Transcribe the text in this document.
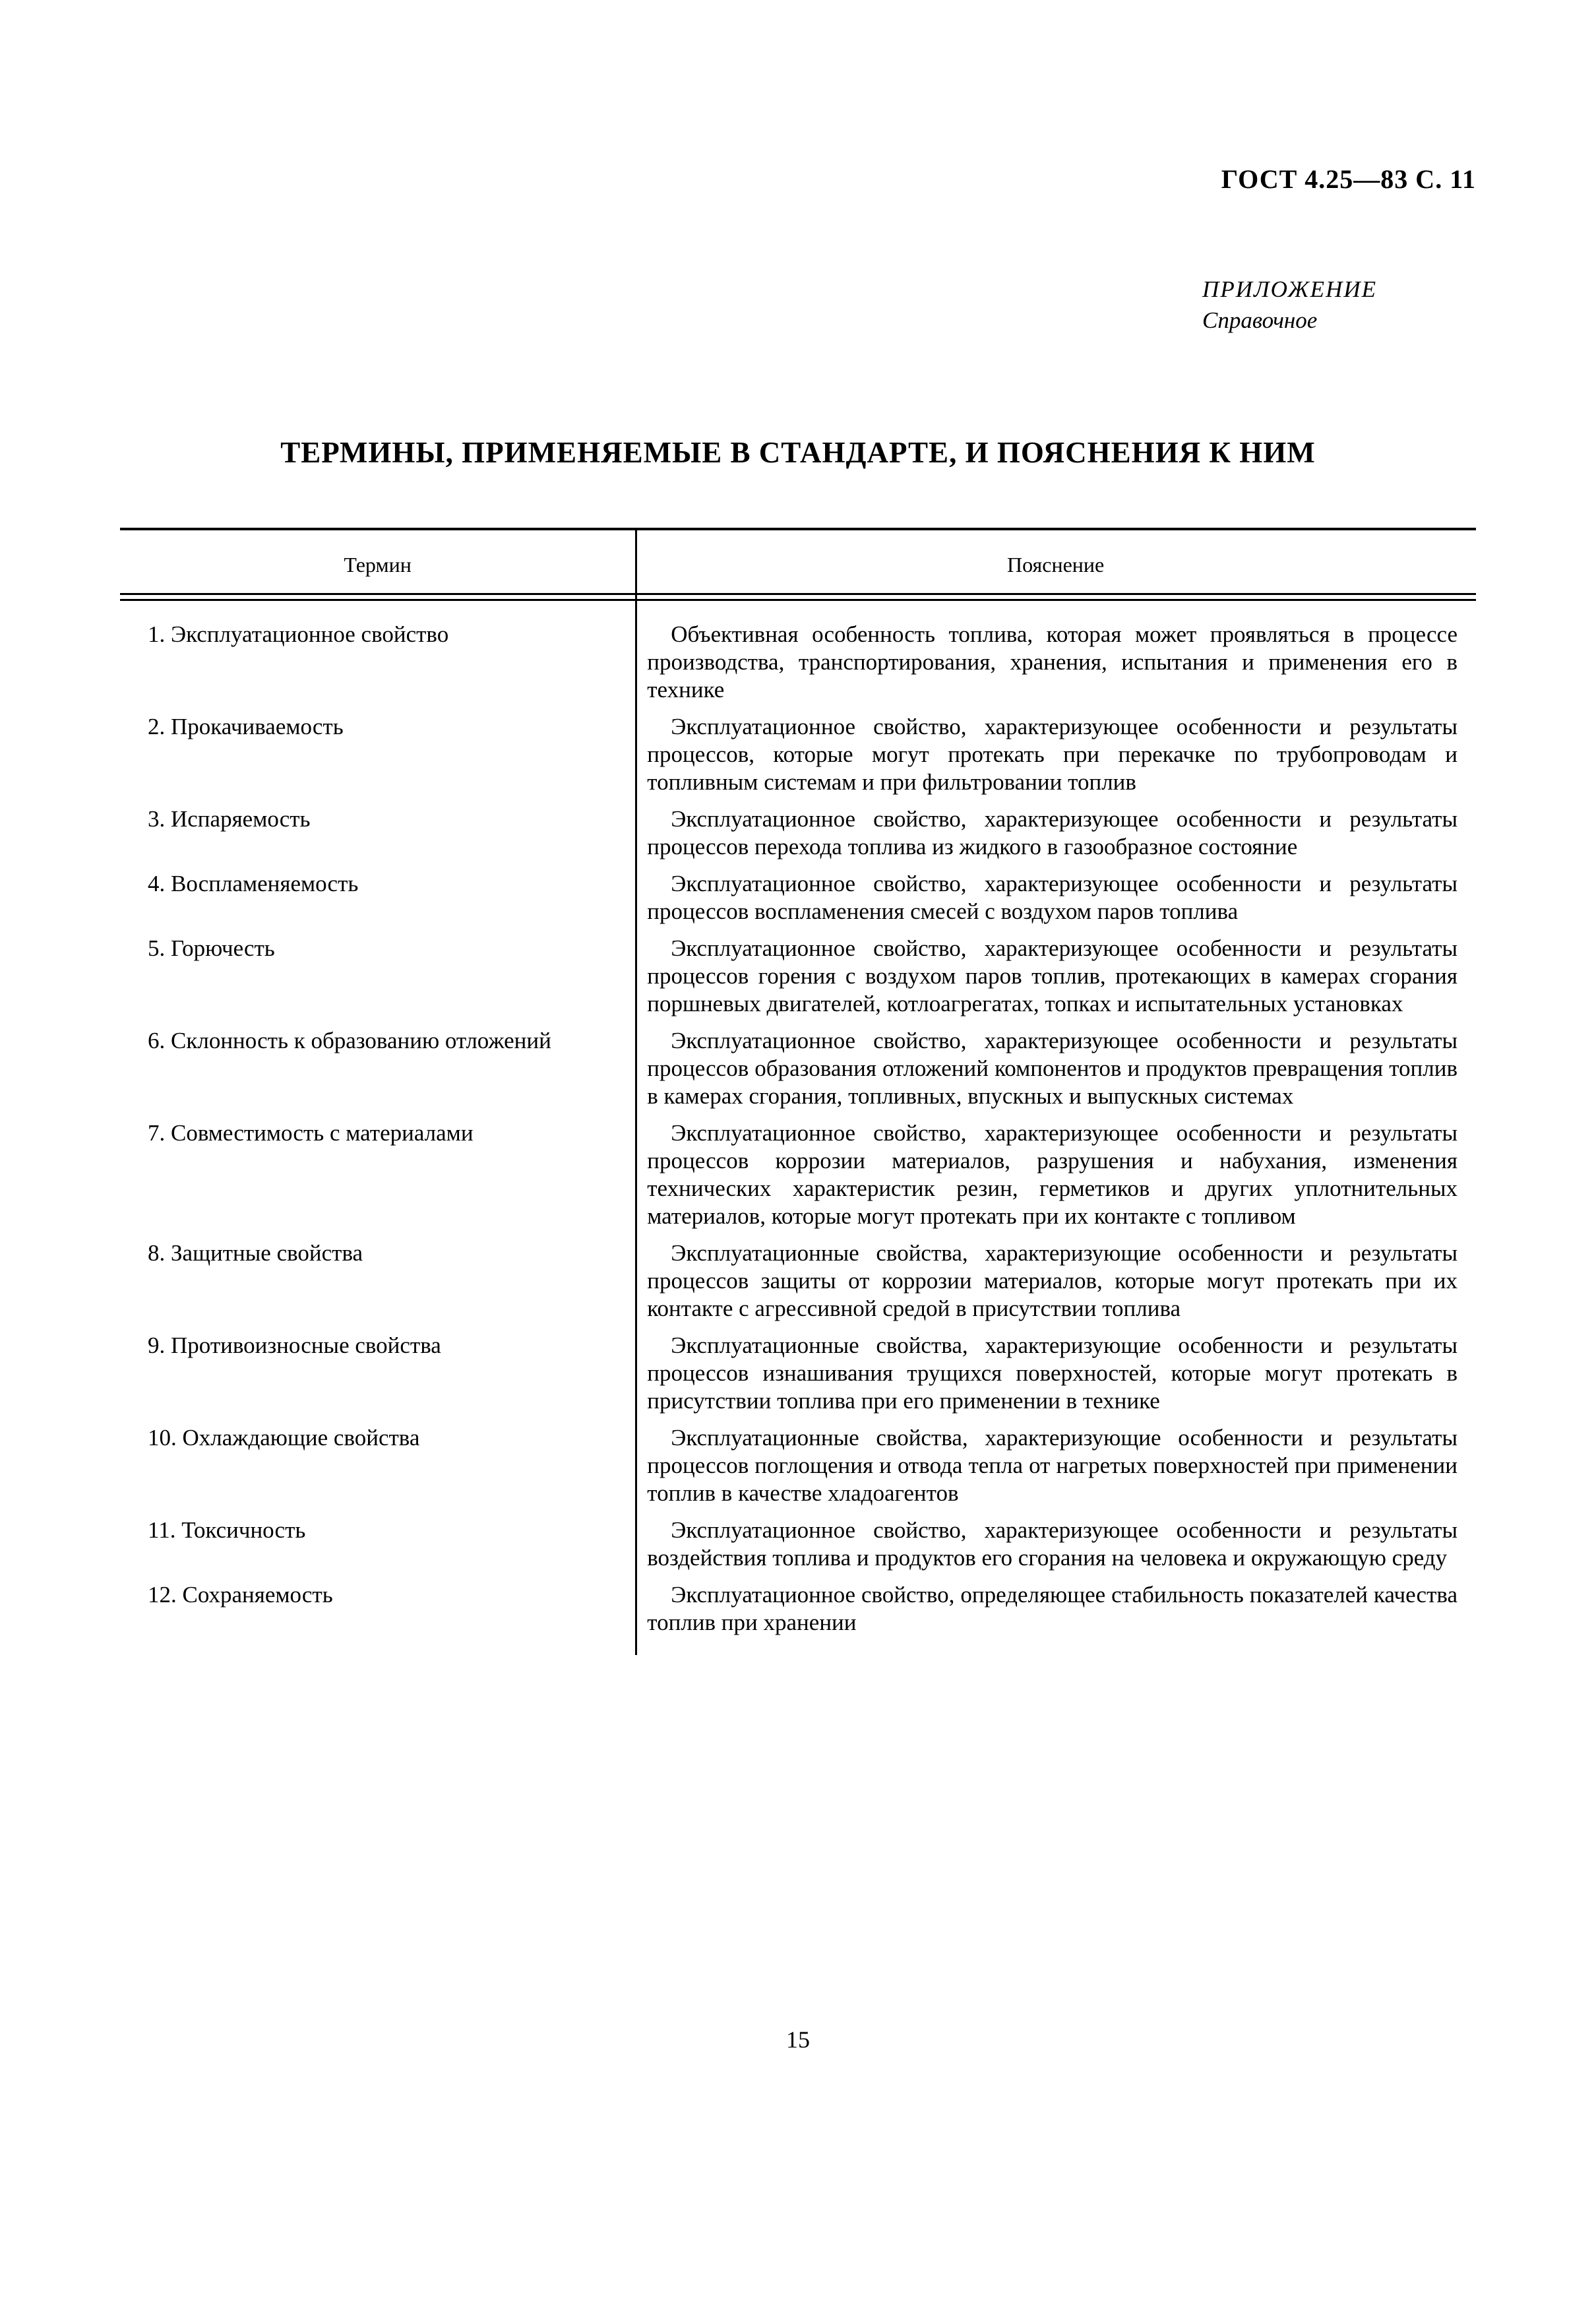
ГОСТ 4.25—83 С. 11
ПРИЛОЖЕНИЕ
Справочное
ТЕРМИНЫ, ПРИМЕНЯЕМЫЕ В СТАНДАРТЕ, И ПОЯСНЕНИЯ К НИМ
Термин	Пояснение
1. Эксплуатационное свойство	Объективная особенность топлива, которая может проявляться в процессе производства, транспортирования, хранения, испытания и применения его в технике
2. Прокачиваемость	Эксплуатационное свойство, характеризующее особенности и результаты процессов, которые могут протекать при перекачке по трубопроводам и топливным системам и при фильтровании топлив
3. Испаряемость	Эксплуатационное свойство, характеризующее особенности и результаты процессов перехода топлива из жидкого в газообразное состояние
4. Воспламеняемость	Эксплуатационное свойство, характеризующее особенности и результаты процессов воспламенения смесей с воздухом паров топлива
5. Горючесть	Эксплуатационное свойство, характеризующее особенности и результаты процессов горения с воздухом паров топлив, протекающих в камерах сгорания поршневых двигателей, котлоагрегатах, топках и испытательных установках
6. Склонность к образованию отложений	Эксплуатационное свойство, характеризующее особенности и результаты процессов образования отложений компонентов и продуктов превращения топлив в камерах сгорания, топливных, впускных и выпускных системах
7. Совместимость с материалами	Эксплуатационное свойство, характеризующее особенности и результаты процессов коррозии материалов, разрушения и набухания, изменения технических характеристик резин, герметиков и других уплотнительных материалов, которые могут протекать при их контакте с топливом
8. Защитные свойства	Эксплуатационные свойства, характеризующие особенности и результаты процессов защиты от коррозии материалов, которые могут протекать при их контакте с агрессивной средой в присутствии топлива
9. Противоизносные свойства	Эксплуатационные свойства, характеризующие особенности и результаты процессов изнашивания трущихся поверхностей, которые могут протекать в присутствии топлива при его применении в технике
10. Охлаждающие свойства	Эксплуатационные свойства, характеризующие особенности и результаты процессов поглощения и отвода тепла от нагретых поверхностей при применении топлив в качестве хладоагентов
11. Токсичность	Эксплуатационное свойство, характеризующее особенности и результаты воздействия топлива и продуктов его сгорания на человека и окружающую среду
12. Сохраняемость	Эксплуатационное свойство, определяющее стабильность показателей качества топлив при хранении
15
